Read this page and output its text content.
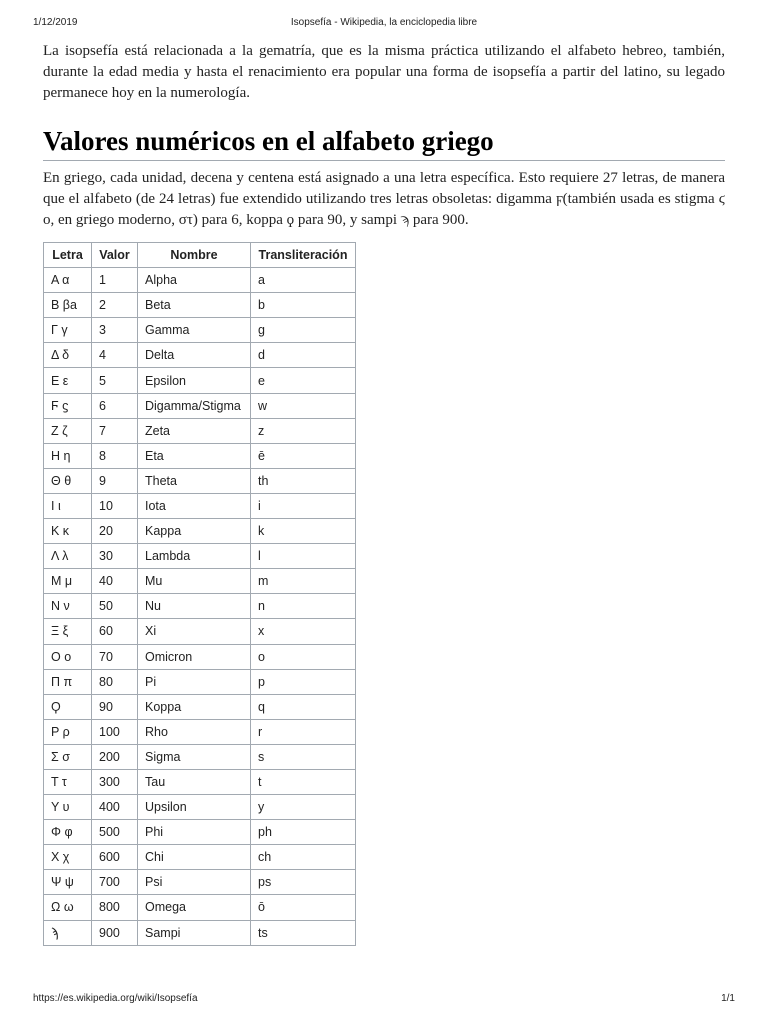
1/12/2019	Isopsefía - Wikipedia, la enciclopedia libre

La isopsefía está relacionada a la gematría, que es la misma práctica utilizando el alfabeto hebreo, también, durante la edad media y hasta el renacimiento era popular una forma de isopsefía a partir del latino, su legado permanece hoy en la numerología.

Valores numéricos en el alfabeto griego

En griego, cada unidad, decena y centena está asignado a una letra específica. Esto requiere 27 letras, de manera que el alfabeto (de 24 letras) fue extendido utilizando tres letras obsoletas: digamma ϝ(también usada es stigma ϛ ο, en griego moderno, στ) para 6, koppa ϙ para 90, y sampi ϡ para 900.

Letra	Valor	Nombre	Transliteración
Α α	1	Alpha	a
Β βa	2	Beta	b
Γ γ	3	Gamma	g
Δ δ	4	Delta	d
Ε ε	5	Epsilon	e
Ϝ ϛ	6	Digamma/Stigma	w
Ζ ζ	7	Zeta	z
Η η	8	Eta	ē
Θ θ	9	Theta	th
Ι ι	10	Iota	i
Κ κ	20	Kappa	k
Λ λ	30	Lambda	l
Μ μ	40	Mu	m
Ν ν	50	Nu	n
Ξ ξ	60	Xi	x
Ο ο	70	Omicron	o
Π π	80	Pi	p
Ϙ	90	Koppa	q
Ρ ρ	100	Rho	r
Σ σ	200	Sigma	s
Τ τ	300	Tau	t
Υ υ	400	Upsilon	y
Φ φ	500	Phi	ph
Χ χ	600	Chi	ch
Ψ ψ	700	Psi	ps
Ω ω	800	Omega	ō
ϡ	900	Sampi	ts
https://es.wikipedia.org/wiki/Isopsefía	1/1
